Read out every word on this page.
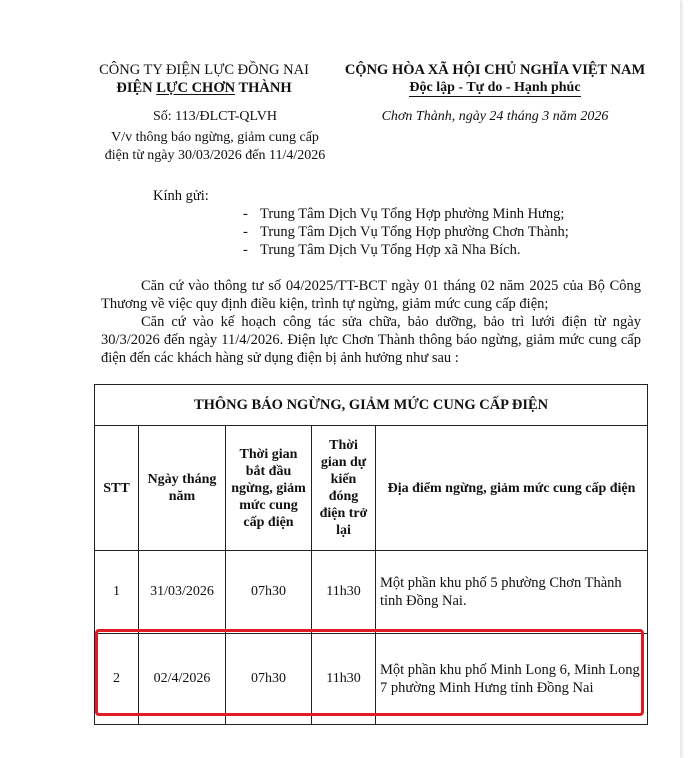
CÔNG TY ĐIỆN LỰC ĐỒNG NAI
ĐIỆN LỰC CHƠN THÀNH
Số: 113/ĐLCT-QLVH
V/v thông báo ngừng, giảm cung cấp
điện từ ngày 30/03/2026 đến 11/4/2026
CỘNG HÒA XÃ HỘI CHỦ NGHĨA VIỆT NAM
Độc lập - Tự do - Hạnh phúc
Chơn Thành, ngày 24 tháng 3 năm 2026
Kính gửi:
- Trung Tâm Dịch Vụ Tổng Hợp phường Minh Hưng;
- Trung Tâm Dịch Vụ Tổng Hợp phường Chơn Thành;
- Trung Tâm Dịch Vụ Tổng Hợp xã Nha Bích.
Căn cứ vào thông tư số 04/2025/TT-BCT ngày 01 tháng 02 năm 2025 của Bộ Công Thương về việc quy định điều kiện, trình tự ngừng, giảm mức cung cấp điện;
Căn cứ vào kế hoạch công tác sửa chữa, bảo dưỡng, bảo trì lưới điện từ ngày 30/3/2026 đến ngày 11/4/2026. Điện lực Chơn Thành thông báo ngừng, giảm mức cung cấp điện đến các khách hàng sử dụng điện bị ảnh hưởng như sau :
THÔNG BÁO NGỪNG, GIẢM MỨC CUNG CẤP ĐIỆN				
STT	Ngày tháng năm	Thời gian bắt đầu ngừng, giảm mức cung cấp điện	Thời gian dự kiến đóng điện trở lại	Địa điểm ngừng, giảm mức cung cấp điện
1	31/03/2026	07h30	11h30	Một phần khu phố 5 phường Chơn Thành tỉnh Đồng Nai.
2	02/4/2026	07h30	11h30	Một phần khu phố Minh Long 6, Minh Long 7 phường Minh Hưng tỉnh Đồng Nai
